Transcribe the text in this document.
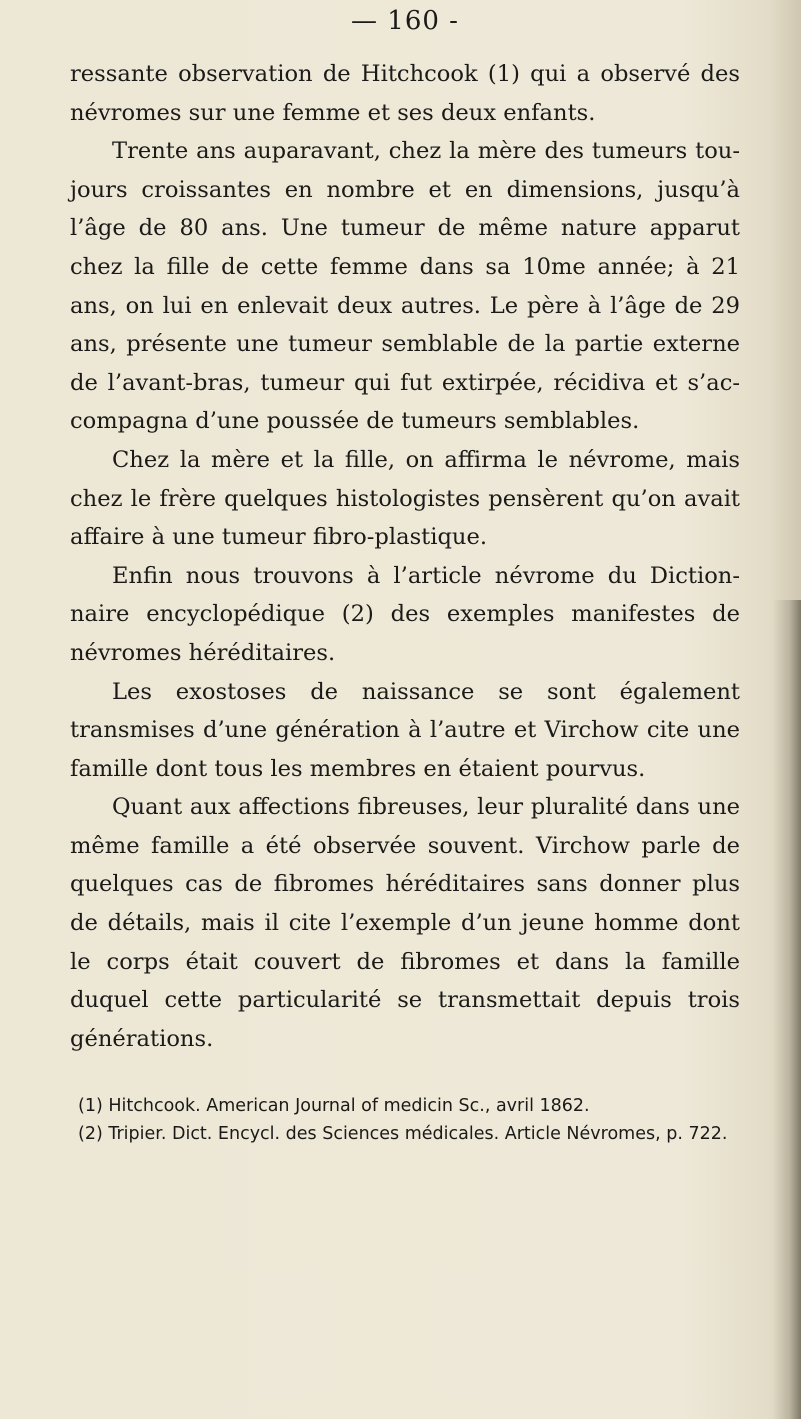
— 160 -

ressante observation de Hitchcook (1) qui a observé des névromes sur une femme et ses deux enfants.

Trente ans auparavant, chez la mère des tumeurs tou- jours croissantes en nombre et en dimensions, jusqu’à l’âge de 80 ans. Une tumeur de même nature apparut chez la fille de cette femme dans sa 10me année; à 21 ans, on lui en enlevait deux autres. Le père à l’âge de 29 ans, présente une tumeur semblable de la partie externe de l’avant-bras, tumeur qui fut extirpée, récidiva et s’ac- compagna d’une poussée de tumeurs semblables.

Chez la mère et la fille, on affirma le névrome, mais chez le frère quelques histologistes pensèrent qu’on avait affaire à une tumeur fibro-plastique.

Enfin nous trouvons à l’article névrome du Diction- naire encyclopédique (2) des exemples manifestes de névromes héréditaires.

Les exostoses de naissance se sont également transmises d’une génération à l’autre et Virchow cite une famille dont tous les membres en étaient pourvus.

Quant aux affections fibreuses, leur pluralité dans une même famille a été observée souvent. Virchow parle de quelques cas de fibromes héréditaires sans donner plus de détails, mais il cite l’exemple d’un jeune homme dont le corps était couvert de fibromes et dans la famille duquel cette particularité se transmettait depuis trois générations.

(1) Hitchcook. American Journal of medicin Sc., avril 1862.

(2) Tripier. Dict. Encycl. des Sciences médicales. Article Névromes, p. 722.
